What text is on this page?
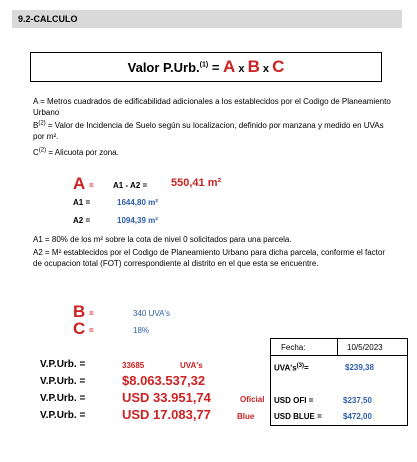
9.2-CALCULO
Valor P.Urb.$^{(1)}$ = A x B x C
A = Metros cuadrados de edificabilidad adicionales a los establecidos por el Codigo de Planeamiento Urbano
$B^{(2)}$ = Valor de Incidencia de Suelo según su localizacion, definido por manzana y medido en UVAs por m².
$C^{(2)}$ = Alicuota por zona.
A = A1 - A2 = 550,41 m²
A1 =	1644,80 m²
A2 =	1094,39 m²
A1 = 80% de los m² sobre la cota de nivel 0 solicitados para una parcela.
A2 = M² establecidos por el Codigo de Planeamiento Urbano para dicha parcela, conforme el factor de ocupacion total (FOT) correspondiente al distrito en el que esta se encuentre.
B =	340 UVA's
C =	18%
V.P.Urb. =	33685	UVA's
V.P.Urb. =	$8.063.537,32
V.P.Urb. =	USD 33.951,74	Oficial
V.P.Urb. =	USD 17.083,77	Blue
Fecha:	10/5/2023
$UVA's^{(3)}=$	$239,38
USD OFI =	$237,50
USD BLUE =	$472,00
